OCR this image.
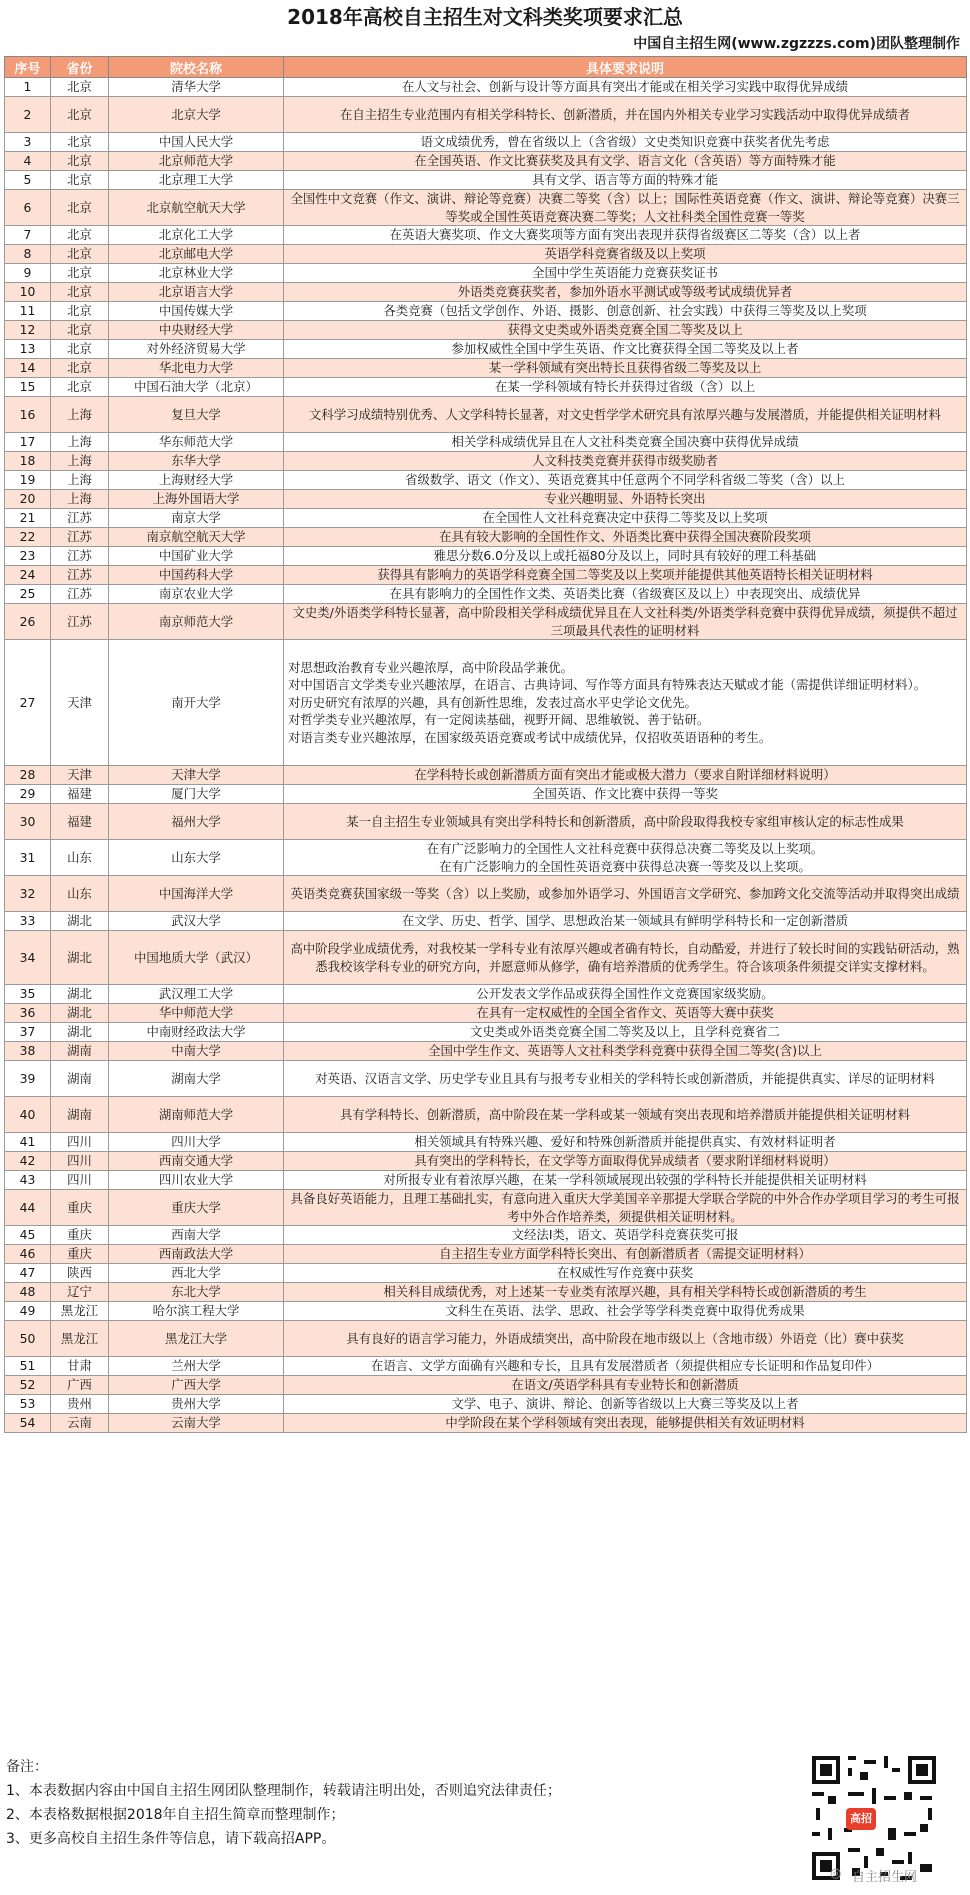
2018年高校自主招生对文科类奖项要求汇总
中国自主招生网(www.zgzzzs.com)团队整理制作
序号	省份	院校名称	具体要求说明
1	北京	清华大学	在人文与社会、创新与设计等方面具有突出才能或在相关学习实践中取得优异成绩
2	北京	北京大学	在自主招生专业范围内有相关学科特长、创新潜质，并在国内外相关专业学习实践活动中取得优异成绩者
3	北京	中国人民大学	语文成绩优秀，曾在省级以上（含省级）文史类知识竞赛中获奖者优先考虑
4	北京	北京师范大学	在全国英语、作文比赛获奖及具有文学、语言文化（含英语）等方面特殊才能
5	北京	北京理工大学	具有文学、语言等方面的特殊才能
6	北京	北京航空航天大学	全国性中文竞赛（作文、演讲、辩论等竞赛）决赛二等奖（含）以上；国际性英语竞赛（作文、演讲、辩论等竞赛）决赛三等奖或全国性英语竞赛决赛二等奖；人文社科类全国性竞赛一等奖
7	北京	北京化工大学	在英语大赛奖项、作文大赛奖项等方面有突出表现并获得省级赛区二等奖（含）以上者
8	北京	北京邮电大学	英语学科竞赛省级及以上奖项
9	北京	北京林业大学	全国中学生英语能力竞赛获奖证书
10	北京	北京语言大学	外语类竞赛获奖者，参加外语水平测试或等级考试成绩优异者
11	北京	中国传媒大学	各类竞赛（包括文学创作、外语、摄影、创意创新、社会实践）中获得三等奖及以上奖项
12	北京	中央财经大学	获得文史类或外语类竞赛全国二等奖及以上
13	北京	对外经济贸易大学	参加权威性全国中学生英语、作文比赛获得全国二等奖及以上者
14	北京	华北电力大学	某一学科领域有突出特长且获得省级二等奖及以上
15	北京	中国石油大学（北京）	在某一学科领域有特长并获得过省级（含）以上
16	上海	复旦大学	文科学习成绩特别优秀、人文学科特长显著，对文史哲学学术研究具有浓厚兴趣与发展潜质，并能提供相关证明材料
17	上海	华东师范大学	相关学科成绩优异且在人文社科类竞赛全国决赛中获得优异成绩
18	上海	东华大学	人文科技类竞赛并获得市级奖励者
19	上海	上海财经大学	省级数学、语文（作文）、英语竞赛其中任意两个不同学科省级二等奖（含）以上
20	上海	上海外国语大学	专业兴趣明显、外语特长突出
21	江苏	南京大学	在全国性人文社科竞赛决定中获得二等奖及以上奖项
22	江苏	南京航空航天大学	在具有较大影响的全国性作文、外语类比赛中获得全国决赛阶段奖项
23	江苏	中国矿业大学	雅思分数6.0分及以上或托福80分及以上，同时具有较好的理工科基础
24	江苏	中国药科大学	获得具有影响力的英语学科竞赛全国二等奖及以上奖项并能提供其他英语特长相关证明材料
25	江苏	南京农业大学	在具有影响力的全国性作文类、英语类比赛（省级赛区及以上）中表现突出、成绩优异
26	江苏	南京师范大学	文史类/外语类学科特长显著，高中阶段相关学科成绩优异且在人文社科类/外语类学科竞赛中获得优异成绩，须提供不超过三项最具代表性的证明材料
27	天津	南开大学	对思想政治教育专业兴趣浓厚，高中阶段品学兼优。
对中国语言文学类专业兴趣浓厚，在语言、古典诗词、写作等方面具有特殊表达天赋或才能（需提供详细证明材料）。
对历史研究有浓厚的兴趣，具有创新性思维，发表过高水平史学论文优先。
对哲学类专业兴趣浓厚，有一定阅读基础，视野开阔、思维敏锐、善于钻研。
对语言类专业兴趣浓厚，在国家级英语竞赛或考试中成绩优异，仅招收英语语种的考生。
28	天津	天津大学	在学科特长或创新潜质方面有突出才能或极大潜力（要求自附详细材料说明）
29	福建	厦门大学	全国英语、作文比赛中获得一等奖
30	福建	福州大学	某一自主招生专业领域具有突出学科特长和创新潜质，高中阶段取得我校专家组审核认定的标志性成果
31	山东	山东大学	在有广泛影响力的全国性人文社科竞赛中获得总决赛二等奖及以上奖项。
在有广泛影响力的全国性英语竞赛中获得总决赛一等奖及以上奖项。
32	山东	中国海洋大学	英语类竞赛获国家级一等奖（含）以上奖励，或参加外语学习、外国语言文学研究、参加跨文化交流等活动并取得突出成绩
33	湖北	武汉大学	在文学、历史、哲学、国学、思想政治某一领域具有鲜明学科特长和一定创新潜质
34	湖北	中国地质大学（武汉）	高中阶段学业成绩优秀，对我校某一学科专业有浓厚兴趣或者确有特长，自动酷爱，并进行了较长时间的实践钻研活动，熟悉我校该学科专业的研究方向，并愿意师从修学，确有培养潜质的优秀学生。符合该项条件须提交详实支撑材料。
35	湖北	武汉理工大学	公开发表文学作品或获得全国性作文竞赛国家级奖励。
36	湖北	华中师范大学	在具有一定权威性的全国全省作文、英语等大赛中获奖
37	湖北	中南财经政法大学	文史类或外语类竞赛全国二等奖及以上，且学科竞赛省二
38	湖南	中南大学	全国中学生作文、英语等人文社科类学科竞赛中获得全国二等奖(含)以上
39	湖南	湖南大学	对英语、汉语言文学、历史学专业且具有与报考专业相关的学科特长或创新潜质，并能提供真实、详尽的证明材料
40	湖南	湖南师范大学	具有学科特长、创新潜质，高中阶段在某一学科或某一领域有突出表现和培养潜质并能提供相关证明材料
41	四川	四川大学	相关领域具有特殊兴趣、爱好和特殊创新潜质并能提供真实、有效材料证明者
42	四川	西南交通大学	具有突出的学科特长，在文学等方面取得优异成绩者（要求附详细材料说明）
43	四川	四川农业大学	对所报专业有着浓厚兴趣，在某一学科领域展现出较强的学科特长并能提供相关证明材料
44	重庆	重庆大学	具备良好英语能力，且理工基础扎实，有意向进入重庆大学美国辛辛那提大学联合学院的中外合作办学项目学习的考生可报考中外合作培养类，须提供相关证明材料。
45	重庆	西南大学	文经法I类，语文、英语学科竞赛获奖可报
46	重庆	西南政法大学	自主招生专业方面学科特长突出、有创新潜质者（需提交证明材料）
47	陕西	西北大学	在权威性写作竞赛中获奖
48	辽宁	东北大学	相关科目成绩优秀，对上述某一专业类有浓厚兴趣，具有相关学科特长或创新潜质的考生
49	黑龙江	哈尔滨工程大学	文科生在英语、法学、思政、社会学等学科类竞赛中取得优秀成果
50	黑龙江	黑龙江大学	具有良好的语言学习能力，外语成绩突出，高中阶段在地市级以上（含地市级）外语竞（比）赛中获奖
51	甘肃	兰州大学	在语言、文学方面确有兴趣和专长，且具有发展潜质者（须提供相应专长证明和作品复印件）
52	广西	广西大学	在语文/英语学科具有专业特长和创新潜质
53	贵州	贵州大学	文学、电子、演讲、辩论、创新等省级以上大赛三等奖及以上者
54	云南	云南大学	中学阶段在某个学科领域有突出表现，能够提供相关有效证明材料
备注：
1、本表数据内容由中国自主招生网团队整理制作，转载请注明出处，否则追究法律责任；
2、本表格数据根据2018年自主招生简章而整理制作；
3、更多高校自主招生条件等信息，请下载高招APP。
高招
◎ 自主招生网
